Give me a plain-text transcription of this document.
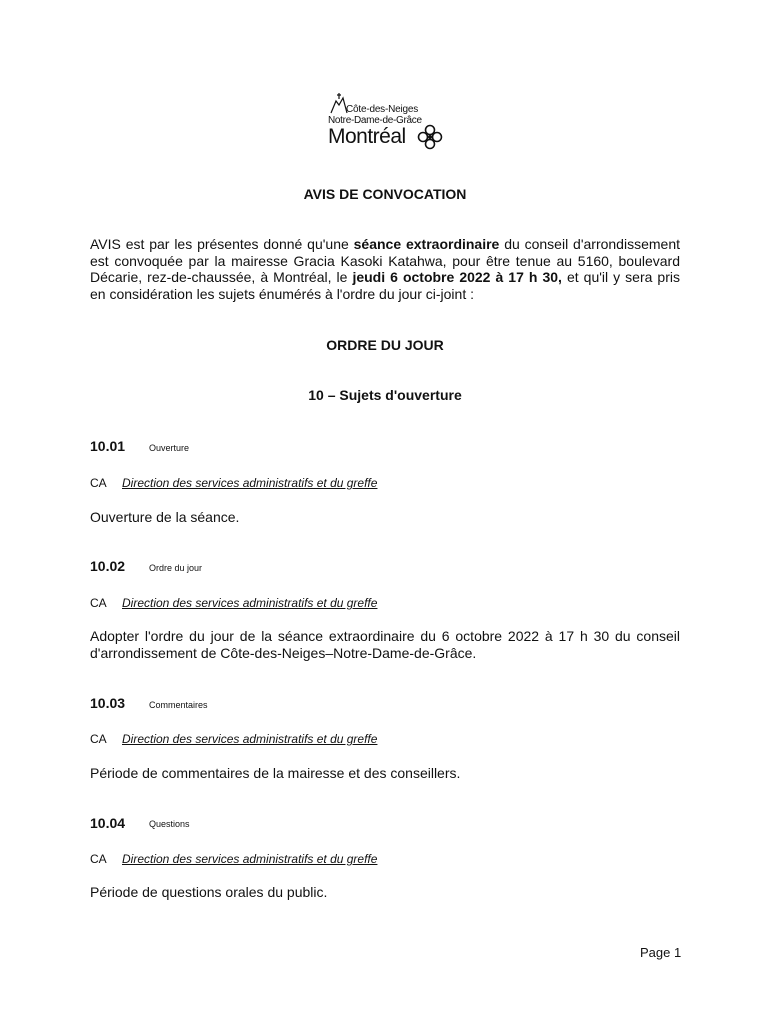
Côte-des-Neiges
Notre-Dame-de-Grâce
Montréal
AVIS DE CONVOCATION
AVIS est par les présentes donné qu'une séance extraordinaire du conseil d'arrondissement est convoquée par la mairesse Gracia Kasoki Katahwa, pour être tenue au 5160, boulevard Décarie, rez-de-chaussée, à Montréal, le jeudi 6 octobre 2022 à 17 h 30, et qu'il y sera pris en considération les sujets énumérés à l'ordre du jour ci-joint :
ORDRE DU JOUR
10 – Sujets d'ouverture
10.01	Ouverture
CA Direction des services administratifs et du greffe
Ouverture de la séance.
10.02	Ordre du jour
CA Direction des services administratifs et du greffe
Adopter l'ordre du jour de la séance extraordinaire du 6 octobre 2022 à 17 h 30 du conseil d'arrondissement de Côte-des-Neiges–Notre-Dame-de-Grâce.
10.03	Commentaires
CA Direction des services administratifs et du greffe
Période de commentaires de la mairesse et des conseillers.
10.04	Questions
CA Direction des services administratifs et du greffe
Période de questions orales du public.
Page 1
